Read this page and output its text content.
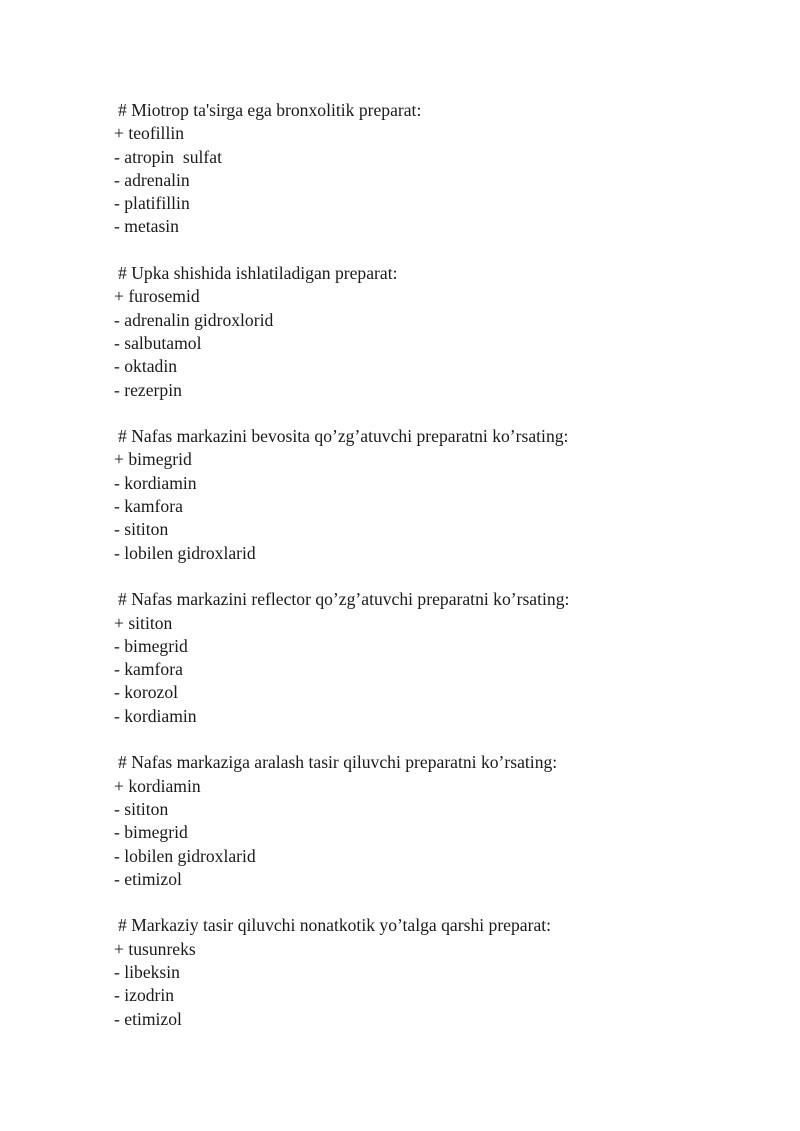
# Miotrop ta'sirga ega bronxolitik preparat:
+ teofillin
- atropin  sulfat
- adrenalin
- platifillin
- metasin
# Upka shishida ishlatiladigan preparat:
+ furosemid
- adrenalin gidroxlorid
- salbutamol
- oktadin
- rezerpin
# Nafas markazini bevosita qo’zg’atuvchi preparatni ko’rsating:
+ bimegrid
- kordiamin
- kamfora
- sititon
- lobilen gidroxlarid
# Nafas markazini reflector qo’zg’atuvchi preparatni ko’rsating:
+ sititon
- bimegrid
- kamfora
- korozol
- kordiamin
# Nafas markaziga aralash tasir qiluvchi preparatni ko’rsating:
+ kordiamin
- sititon
- bimegrid
- lobilen gidroxlarid
- etimizol
# Markaziy tasir qiluvchi nonatkotik yo’talga qarshi preparat:
+ tusunreks
- libeksin
- izodrin
- etimizol
